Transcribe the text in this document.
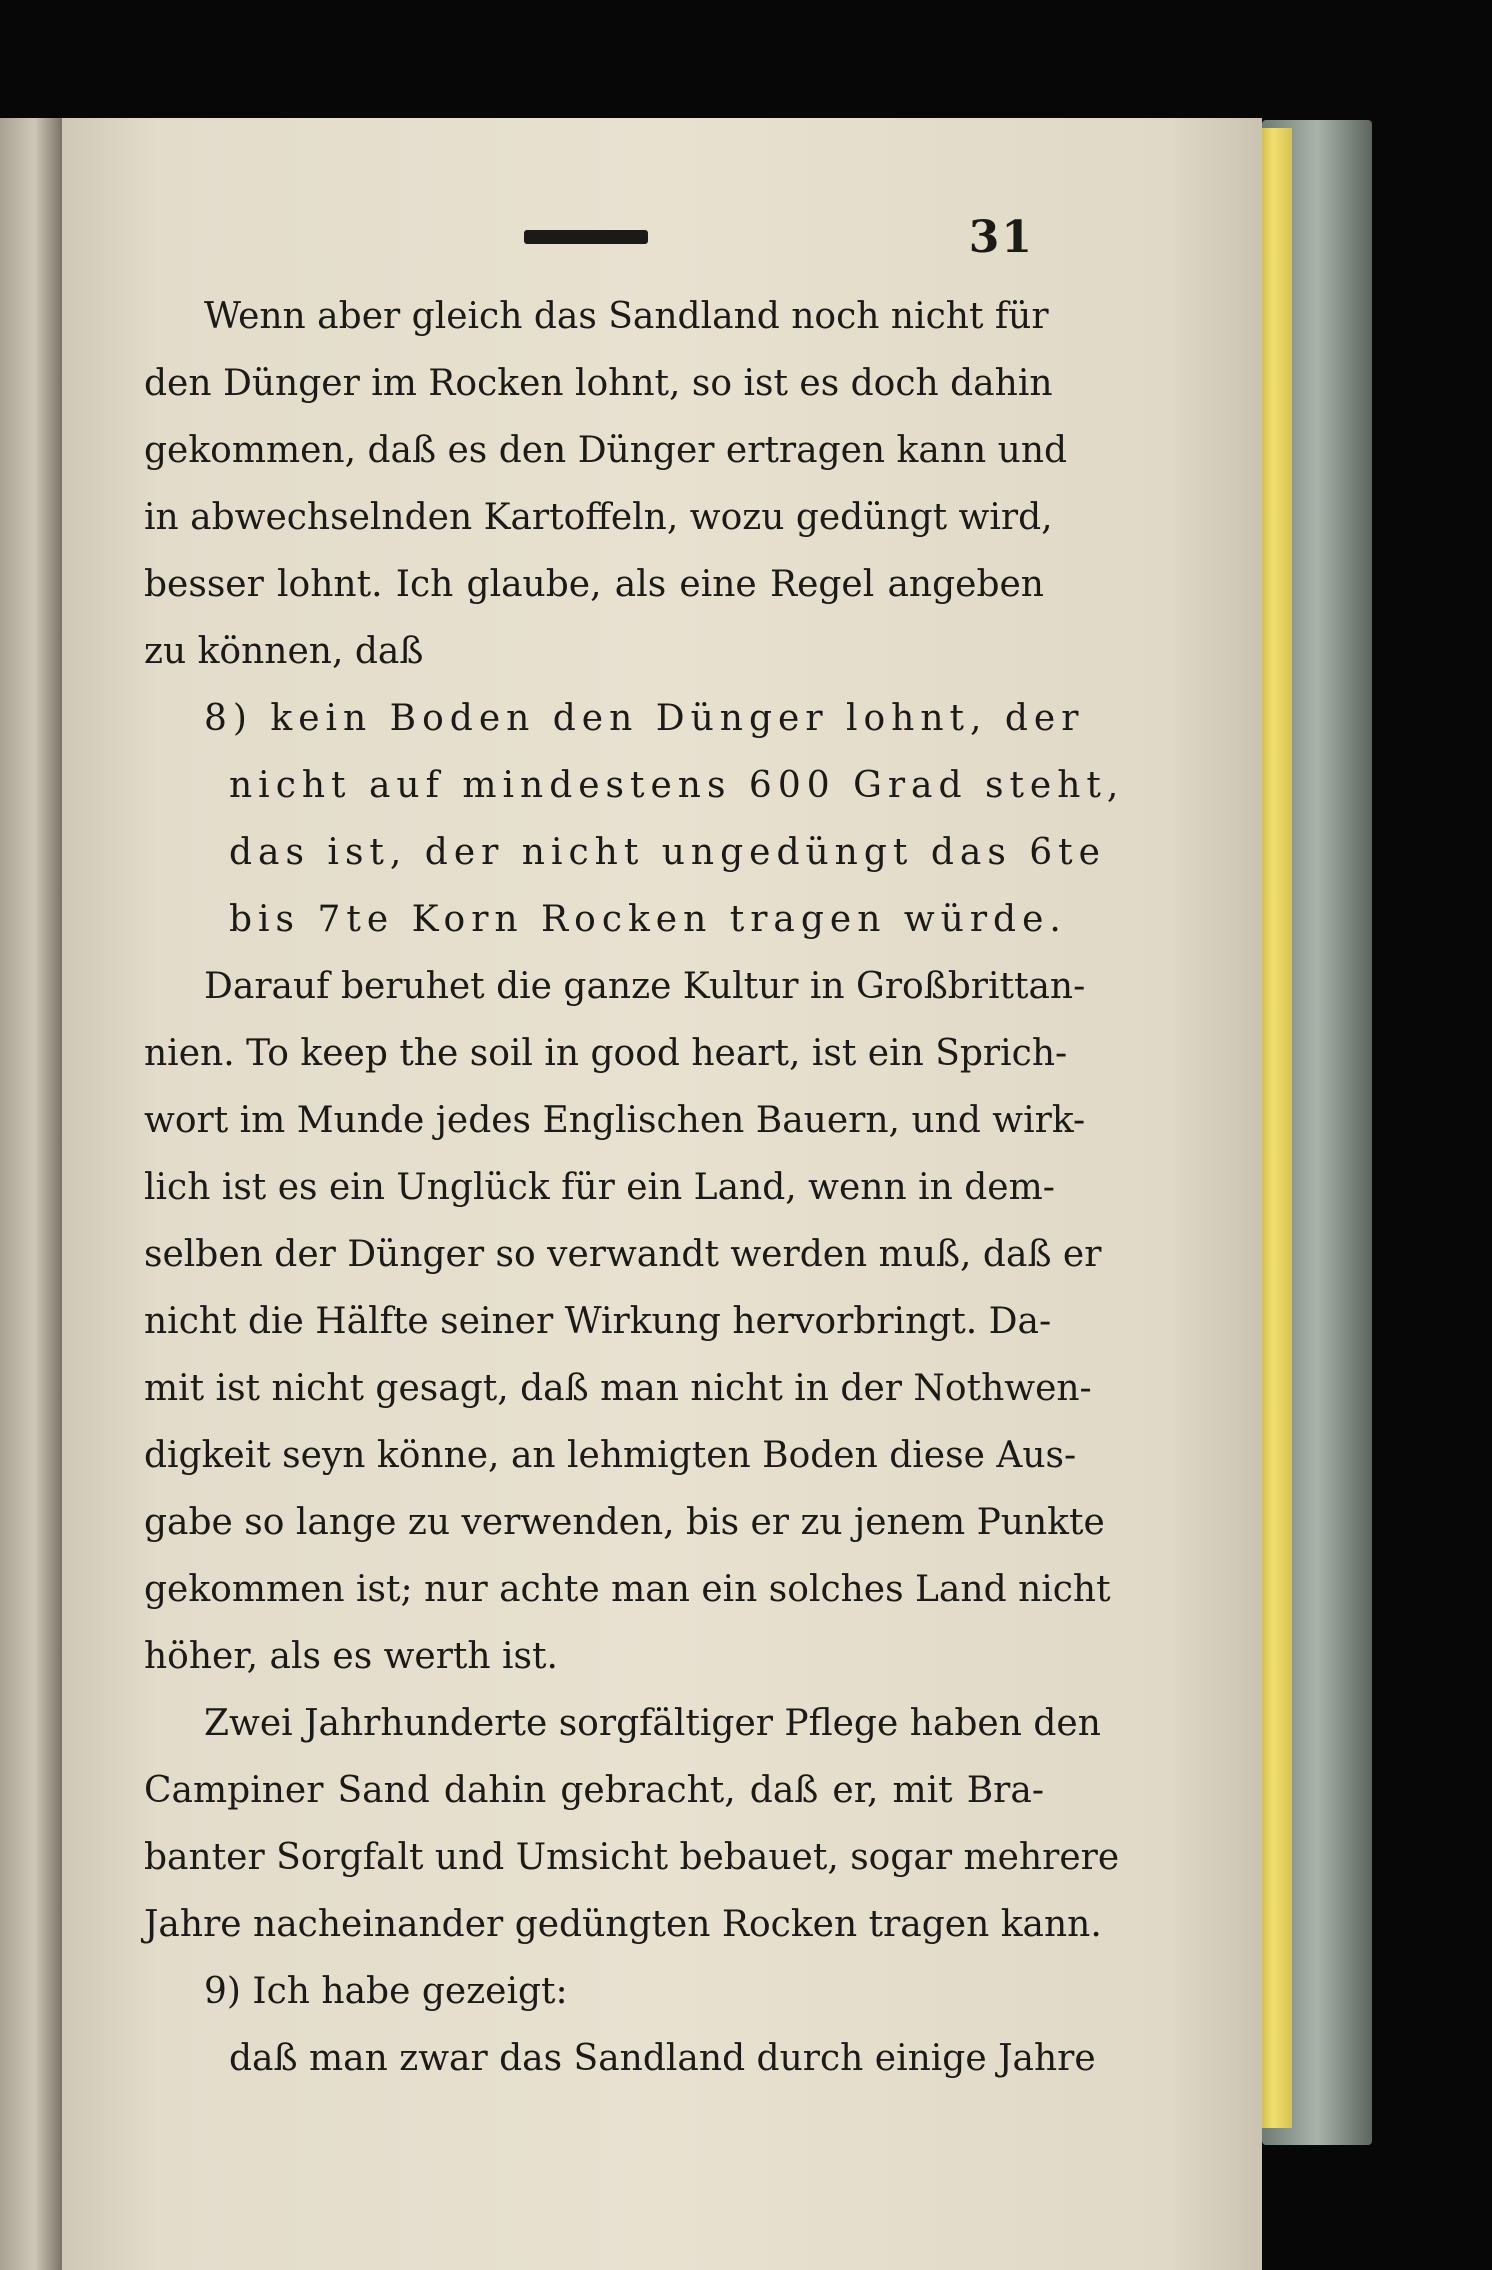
31
Wenn aber gleich das Sandland noch nicht für
den Dünger im Rocken lohnt, so ist es doch dahin
gekommen, daß es den Dünger ertragen kann und
in abwechselnden Kartoffeln, wozu gedüngt wird,
besser lohnt. Ich glaube, als eine Regel angeben
zu können, daß
8) kein Boden den Dünger lohnt, der
nicht auf mindestens 600 Grad steht,
das ist, der nicht ungedüngt das 6te
bis 7te Korn Rocken tragen würde.
Darauf beruhet die ganze Kultur in Großbrittan-
nien. To keep the soil in good heart, ist ein Sprich-
wort im Munde jedes Englischen Bauern, und wirk-
lich ist es ein Unglück für ein Land, wenn in dem-
selben der Dünger so verwandt werden muß, daß er
nicht die Hälfte seiner Wirkung hervorbringt. Da-
mit ist nicht gesagt, daß man nicht in der Nothwen-
digkeit seyn könne, an lehmigten Boden diese Aus-
gabe so lange zu verwenden, bis er zu jenem Punkte
gekommen ist; nur achte man ein solches Land nicht
höher, als es werth ist.
Zwei Jahrhunderte sorgfältiger Pflege haben den
Campiner Sand dahin gebracht, daß er, mit Bra-
banter Sorgfalt und Umsicht bebauet, sogar mehrere
Jahre nacheinander gedüngten Rocken tragen kann.
9) Ich habe gezeigt:
daß man zwar das Sandland durch einige Jahre
